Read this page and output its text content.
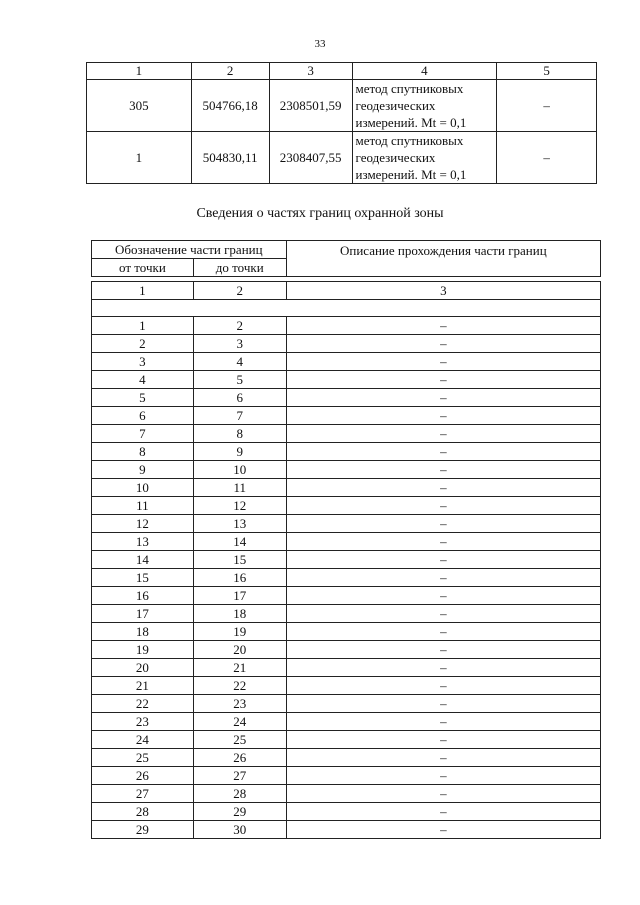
33
1	2	3	4	5
305	504766,18	2308501,59	метод спутниковых
геодезических
измерений. Mt = 0,1	–
1	504830,11	2308407,55	метод спутниковых
геодезических
измерений. Mt = 0,1	–
Сведения о частях границ охранной зоны
Обозначение части границ		Описание прохождения части границ
от точки	до точки	

1	2	3

1	2	–
2	3	–
3	4	–
4	5	–
5	6	–
6	7	–
7	8	–
8	9	–
9	10	–
10	11	–
11	12	–
12	13	–
13	14	–
14	15	–
15	16	–
16	17	–
17	18	–
18	19	–
19	20	–
20	21	–
21	22	–
22	23	–
23	24	–
24	25	–
25	26	–
26	27	–
27	28	–
28	29	–
29	30	–
